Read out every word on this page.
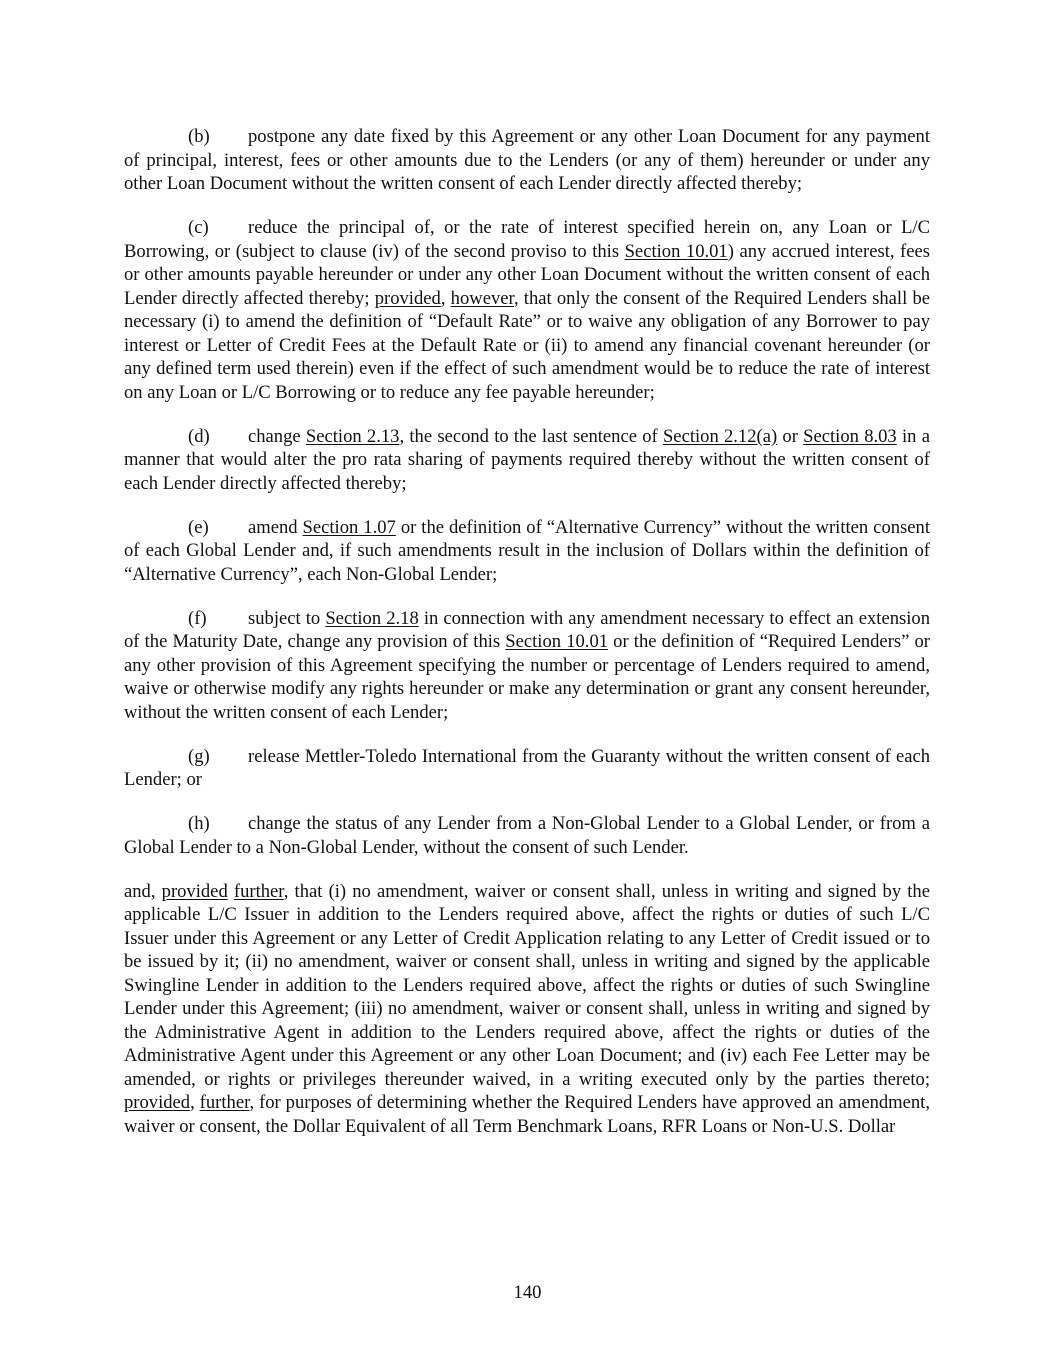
(b) postpone any date fixed by this Agreement or any other Loan Document for any payment of principal, interest, fees or other amounts due to the Lenders (or any of them) hereunder or under any other Loan Document without the written consent of each Lender directly affected thereby;

(c) reduce the principal of, or the rate of interest specified herein on, any Loan or L/C Borrowing, or (subject to clause (iv) of the second proviso to this Section 10.01) any accrued interest, fees or other amounts payable hereunder or under any other Loan Document without the written consent of each Lender directly affected thereby; provided, however, that only the consent of the Required Lenders shall be necessary (i) to amend the definition of “Default Rate” or to waive any obligation of any Borrower to pay interest or Letter of Credit Fees at the Default Rate or (ii) to amend any financial covenant hereunder (or any defined term used therein) even if the effect of such amendment would be to reduce the rate of interest on any Loan or L/C Borrowing or to reduce any fee payable hereunder;

(d) change Section 2.13, the second to the last sentence of Section 2.12(a) or Section 8.03 in a manner that would alter the pro rata sharing of payments required thereby without the written consent of each Lender directly affected thereby;

(e) amend Section 1.07 or the definition of “Alternative Currency” without the written consent of each Global Lender and, if such amendments result in the inclusion of Dollars within the definition of “Alternative Currency”, each Non-Global Lender;

(f) subject to Section 2.18 in connection with any amendment necessary to effect an extension of the Maturity Date, change any provision of this Section 10.01 or the definition of “Required Lenders” or any other provision of this Agreement specifying the number or percentage of Lenders required to amend, waive or otherwise modify any rights hereunder or make any determination or grant any consent hereunder, without the written consent of each Lender;

(g) release Mettler-Toledo International from the Guaranty without the written consent of each Lender; or

(h) change the status of any Lender from a Non-Global Lender to a Global Lender, or from a Global Lender to a Non-Global Lender, without the consent of such Lender.

and, provided further, that (i) no amendment, waiver or consent shall, unless in writing and signed by the applicable L/C Issuer in addition to the Lenders required above, affect the rights or duties of such L/C Issuer under this Agreement or any Letter of Credit Application relating to any Letter of Credit issued or to be issued by it; (ii) no amendment, waiver or consent shall, unless in writing and signed by the applicable Swingline Lender in addition to the Lenders required above, affect the rights or duties of such Swingline Lender under this Agreement; (iii) no amendment, waiver or consent shall, unless in writing and signed by the Administrative Agent in addition to the Lenders required above, affect the rights or duties of the Administrative Agent under this Agreement or any other Loan Document; and (iv) each Fee Letter may be amended, or rights or privileges thereunder waived, in a writing executed only by the parties thereto; provided, further, for purposes of determining whether the Required Lenders have approved an amendment, waiver or consent, the Dollar Equivalent of all Term Benchmark Loans, RFR Loans or Non-U.S. Dollar

140
